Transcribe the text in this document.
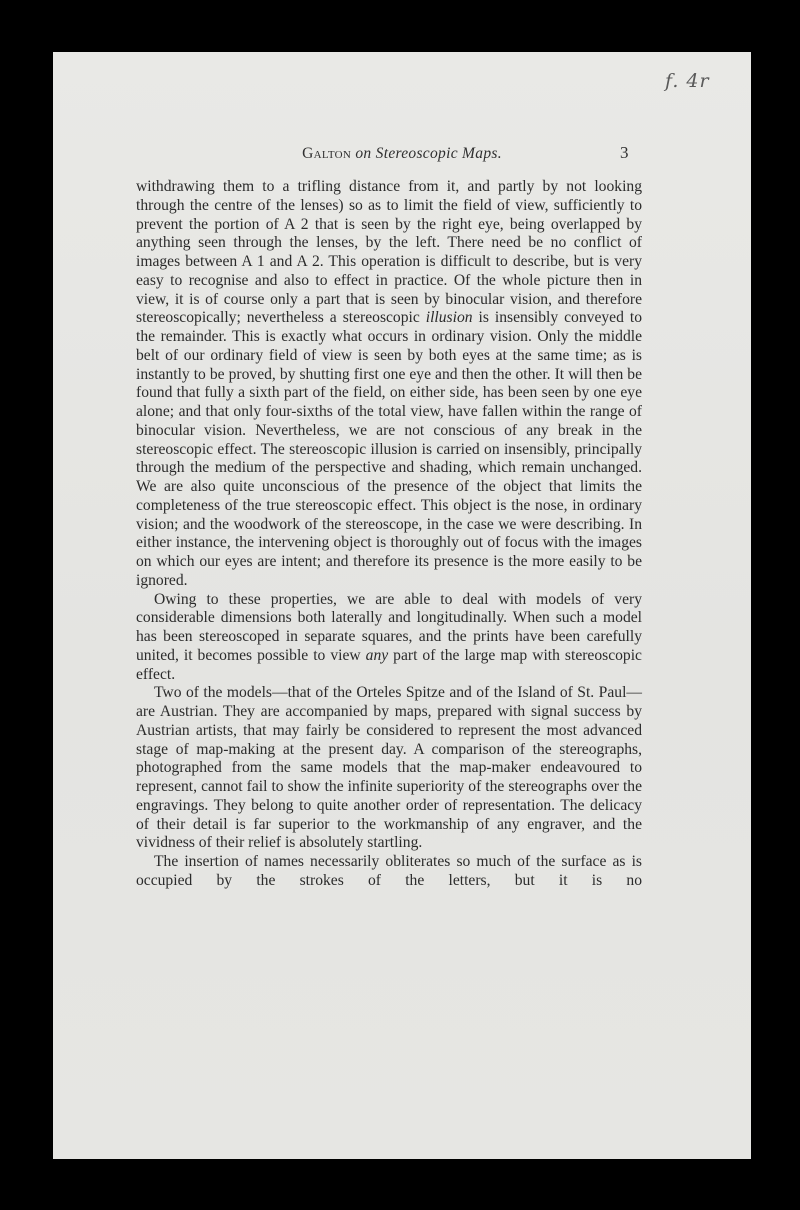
f. 4r
Galton on Stereoscopic Maps.	3

withdrawing them to a trifling distance from it, and partly by not looking through the centre of the lenses) so as to limit the field of view, sufficiently to prevent the portion of A 2 that is seen by the right eye, being overlapped by anything seen through the lenses, by the left. There need be no conflict of images between A 1 and A 2. This operation is difficult to describe, but is very easy to recognise and also to effect in practice. Of the whole picture then in view, it is of course only a part that is seen by binocular vision, and therefore stereoscopically; nevertheless a stereoscopic illusion is insensibly conveyed to the remainder. This is exactly what occurs in ordinary vision. Only the middle belt of our ordinary field of view is seen by both eyes at the same time; as is instantly to be proved, by shutting first one eye and then the other. It will then be found that fully a sixth part of the field, on either side, has been seen by one eye alone; and that only four-sixths of the total view, have fallen within the range of binocular vision. Nevertheless, we are not conscious of any break in the stereoscopic effect. The stereoscopic illusion is carried on insensibly, principally through the medium of the perspective and shading, which remain unchanged. We are also quite unconscious of the presence of the object that limits the completeness of the true stereoscopic effect. This object is the nose, in ordinary vision; and the woodwork of the stereoscope, in the case we were describing. In either instance, the intervening object is thoroughly out of focus with the images on which our eyes are intent; and therefore its presence is the more easily to be ignored.

Owing to these properties, we are able to deal with models of very considerable dimensions both laterally and longitudinally. When such a model has been stereoscoped in separate squares, and the prints have been carefully united, it becomes possible to view any part of the large map with stereoscopic effect.

Two of the models—that of the Orteles Spitze and of the Island of St. Paul—are Austrian. They are accompanied by maps, prepared with signal success by Austrian artists, that may fairly be considered to represent the most advanced stage of map-making at the present day. A comparison of the stereographs, photographed from the same models that the map-maker endeavoured to represent, cannot fail to show the infinite superiority of the stereographs over the engravings. They belong to quite another order of representation. The delicacy of their detail is far superior to the workmanship of any engraver, and the vividness of their relief is absolutely startling.

The insertion of names necessarily obliterates so much of the surface as is occupied by the strokes of the letters, but it is no
